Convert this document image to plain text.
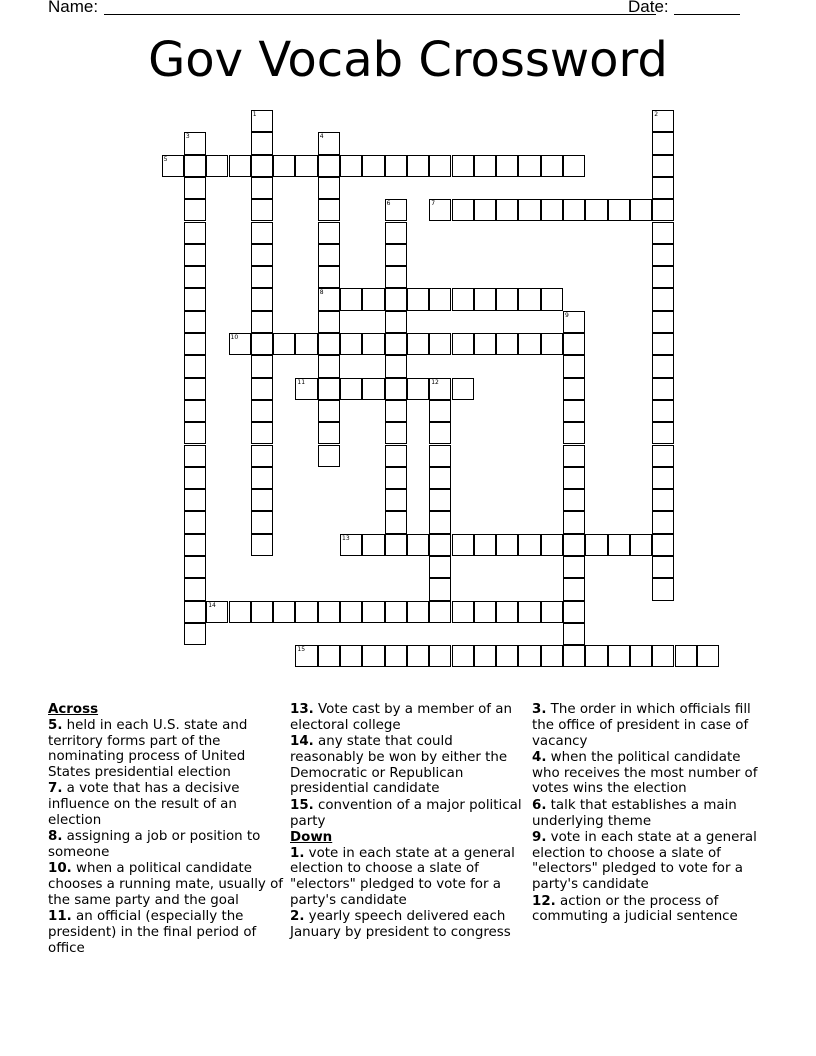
Name:	Date:
Gov Vocab Crossword
1	2
3	4
8
5
6	7
9
10
11	12
13
14
15
Across
5. held in each U.S. state and territory forms part of the nominating process of United States presidential election
7. a vote that has a decisive influence on the result of an election
8. assigning a job or position to someone
10. when a political candidate chooses a running mate, usually of the same party and the goal
11. an official (especially the president) in the final period of office
13. Vote cast by a member of an electoral college
14. any state that could reasonably be won by either the Democratic or Republican presidential candidate
15. convention of a major political party
Down
1. vote in each state at a general election to choose a slate of "electors" pledged to vote for a party's candidate
2. yearly speech delivered each January by president to congress
3. The order in which officials fill the office of president in case of vacancy
4. when the political candidate who receives the most number of votes wins the election
6. talk that establishes a main underlying theme
9. vote in each state at a general election to choose a slate of "electors" pledged to vote for a party's candidate
12. action or the process of commuting a judicial sentence
